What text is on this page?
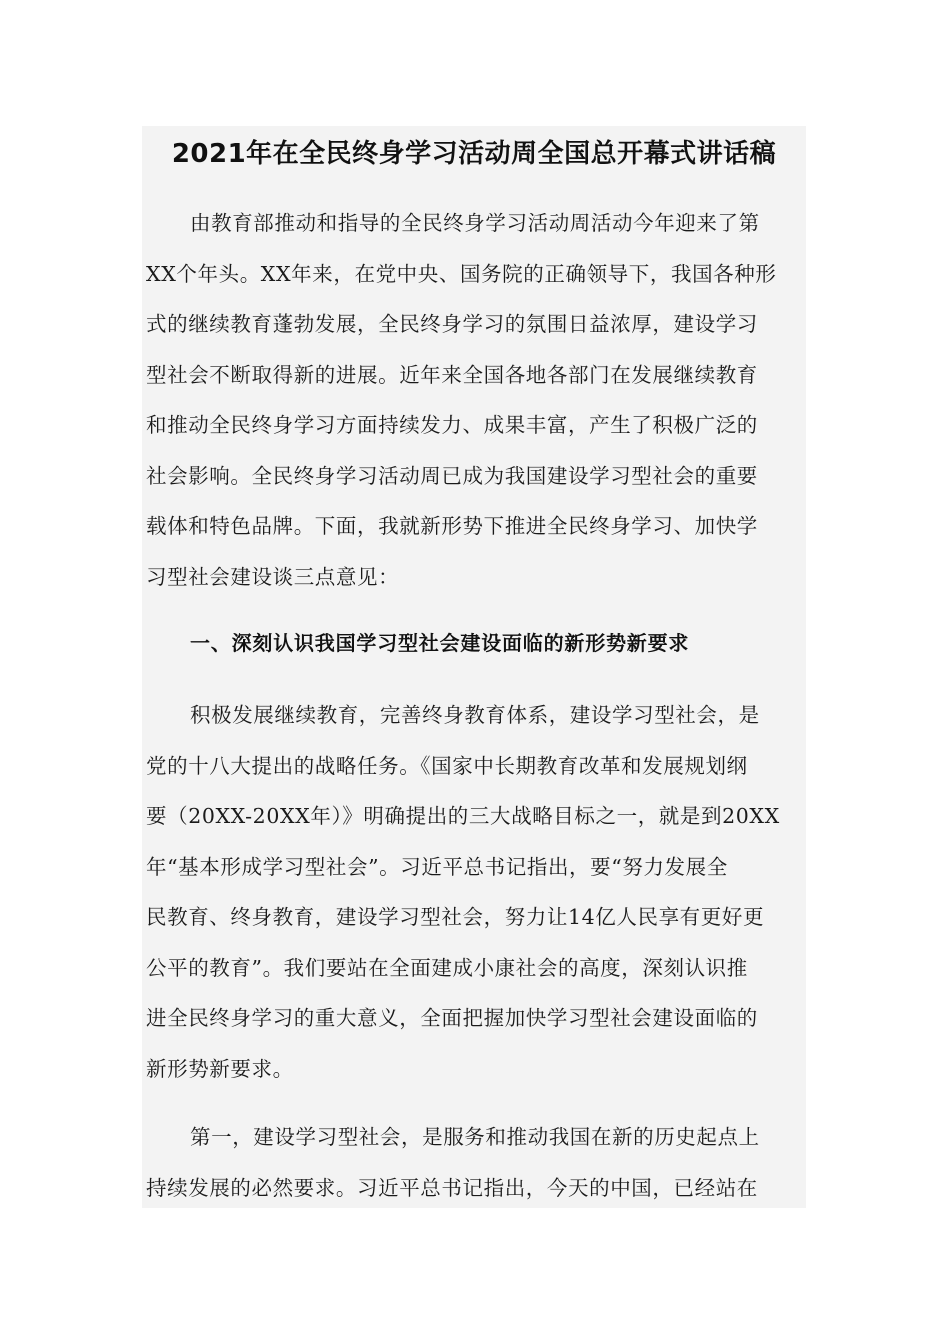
2021年在全民终身学习活动周全国总开幕式讲话稿
由教育部推动和指导的全民终身学习活动周活动今年迎来了第
XX个年头。XX年来，在党中央、国务院的正确领导下，我国各种形
式的继续教育蓬勃发展，全民终身学习的氛围日益浓厚，建设学习
型社会不断取得新的进展。近年来全国各地各部门在发展继续教育
和推动全民终身学习方面持续发力、成果丰富，产生了积极广泛的
社会影响。全民终身学习活动周已成为我国建设学习型社会的重要
载体和特色品牌。下面，我就新形势下推进全民终身学习、加快学
习型社会建设谈三点意见：
一、深刻认识我国学习型社会建设面临的新形势新要求
积极发展继续教育，完善终身教育体系，建设学习型社会，是
党的十八大提出的战略任务。《国家中长期教育改革和发展规划纲
要（20XX-20XX年）》明确提出的三大战略目标之一，就是到20XX
年“基本形成学习型社会”。习近平总书记指出，要“努力发展全
民教育、终身教育，建设学习型社会，努力让14亿人民享有更好更
公平的教育”。我们要站在全面建成小康社会的高度，深刻认识推
进全民终身学习的重大意义，全面把握加快学习型社会建设面临的
新形势新要求。
第一，建设学习型社会，是服务和推动我国在新的历史起点上
持续发展的必然要求。习近平总书记指出，今天的中国，已经站在
